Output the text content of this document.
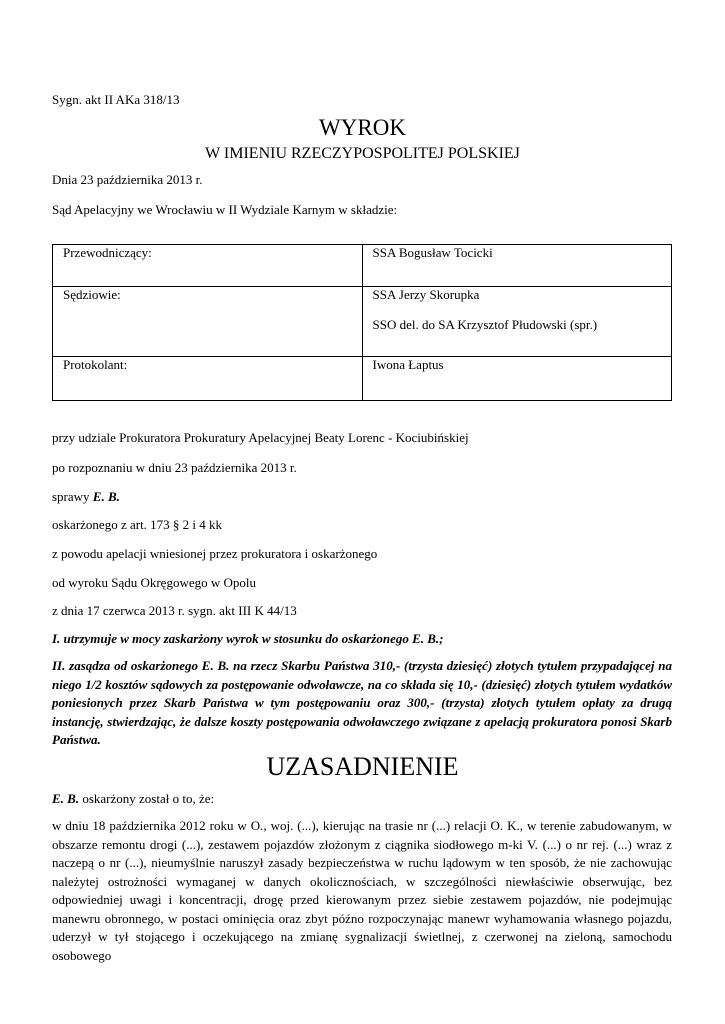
Sygn. akt II AKa 318/13
WYROK
W IMIENIU RZECZYPOSPOLITEJ POLSKIEJ
Dnia 23 października 2013 r.
Sąd Apelacyjny we Wrocławiu w II Wydziale Karnym w składzie:
Przewodniczący:	SSA Bogusław Tocicki

Sędziowie:	SSA Jerzy Skorupka
SSO del. do SA Krzysztof Płudowski (spr.)

Protokolant:	Iwona Łaptus
przy udziale Prokuratora Prokuratury Apelacyjnej Beaty Lorenc - Kociubińskiej
po rozpoznaniu w dniu 23 października 2013 r.
sprawy E. B.
oskarżonego z art. 173 § 2 i 4 kk
z powodu apelacji wniesionej przez prokuratora i oskarżonego
od wyroku Sądu Okręgowego w Opolu
z dnia 17 czerwca 2013 r. sygn. akt III K 44/13
I. utrzymuje w mocy zaskarżony wyrok w stosunku do oskarżonego E. B.;
II. zasądza od oskarżonego E. B. na rzecz Skarbu Państwa 310,- (trzysta dziesięć) złotych tytułem przypadającej na niego 1/2 kosztów sądowych za postępowanie odwoławcze, na co składa się 10,- (dziesięć) złotych tytułem wydatków poniesionych przez Skarb Państwa w tym postępowaniu oraz 300,- (trzysta) złotych tytułem opłaty za drugą instancję, stwierdzając, że dalsze koszty postępowania odwoławczego związane z apelacją prokuratora ponosi Skarb Państwa.
UZASADNIENIE
E. B. oskarżony został o to, że:
w dniu 18 października 2012 roku w O., woj. (...), kierując na trasie nr (...) relacji O. K., w terenie zabudowanym, w obszarze remontu drogi (...), zestawem pojazdów złożonym z ciągnika siodłowego m-ki V. (...) o nr rej. (...) wraz z naczepą o nr (...), nieumyślnie naruszył zasady bezpieczeństwa w ruchu lądowym w ten sposób, że nie zachowując należytej ostrożności wymaganej w danych okolicznościach, w szczególności niewłaściwie obserwując, bez odpowiedniej uwagi i koncentracji, drogę przed kierowanym przez siebie zestawem pojazdów, nie podejmując manewru obronnego, w postaci ominięcia oraz zbyt późno rozpoczynając manewr wyhamowania własnego pojazdu, uderzył w tył stojącego i oczekującego na zmianę sygnalizacji świetlnej, z czerwonej na zieloną, samochodu osobowego
